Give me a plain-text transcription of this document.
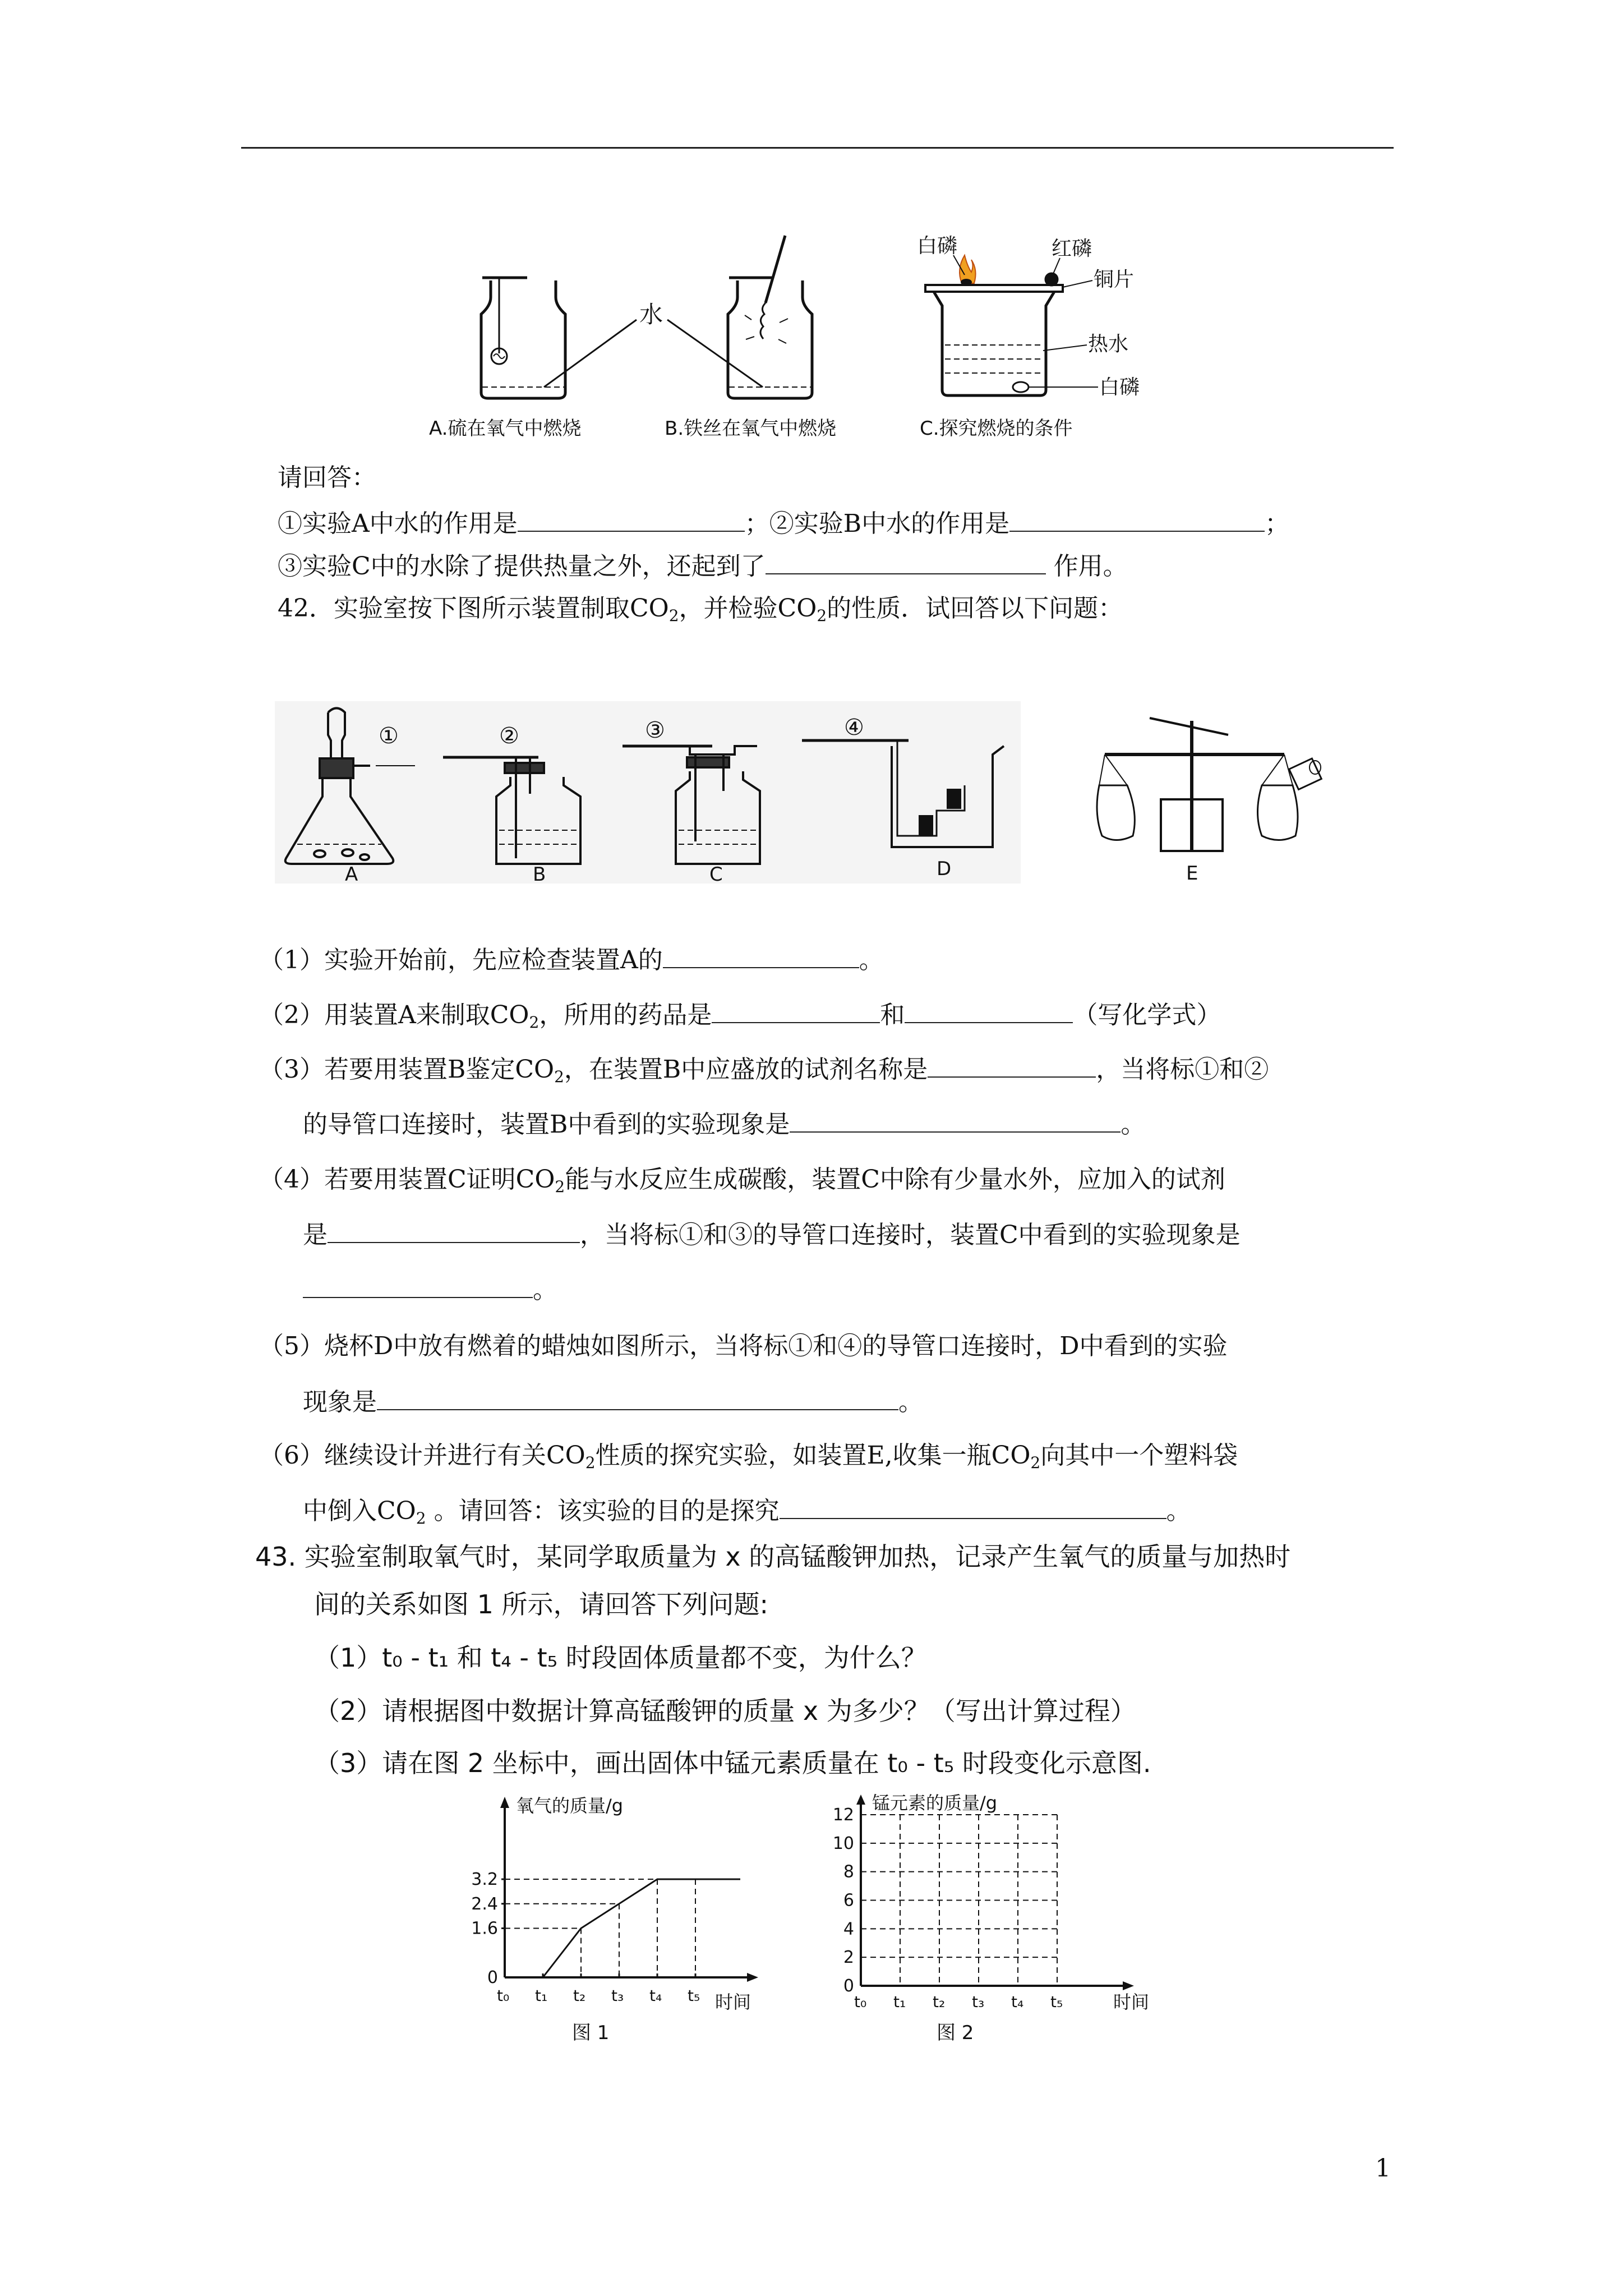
水
白磷	红磷
铜片
热水
白磷
A.硫在氧气中燃烧	B.铁丝在氧气中燃烧	C.探究燃烧的条件
请回答：
①实验A中水的作用是	；②实验B中水的作用是	；
③实验C中的水除了提供热量之外，还起到了	作用。
42．实验室按下图所示装置制取$CO_2$，并检验$CO_2$的性质．试回答以下问题：
①	②	③	④
A	B	C	D	E
（1）实验开始前，先应检查装置A的	。
（2）用装置A来制取$CO_2$，所用的药品是	和	（写化学式）
（3）若要用装置B鉴定$CO_2$，在装置B中应盛放的试剂名称是	，当将标①和②
的导管口连接时，装置B中看到的实验现象是	。
（4）若要用装置C证明$CO_2$能与水反应生成碳酸，装置C中除有少量水外，应加入的试剂
是	，当将标①和③的导管口连接时，装置C中看到的实验现象是
。
（5）烧杯D中放有燃着的蜡烛如图所示，当将标①和④的导管口连接时，D中看到的实验
现象是	。
（6）继续设计并进行有关$CO_2$性质的探究实验，如装置E,收集一瓶$CO_2$向其中一个塑料袋
中倒入$CO_2$ 。请回答：该实验的目的是探究	。
43. 实验室制取氧气时，某同学取质量为 x 的高锰酸钾加热，记录产生氧气的质量与加热时
间的关系如图 1 所示，请回答下列问题:
（1）t₀ - t₁ 和 t₄ - t₅ 时段固体质量都不变，为什么？
（2）请根据图中数据计算高锰酸钾的质量 x 为多少？（写出计算过程）
（3）请在图 2 坐标中，画出固体中锰元素质量在 t₀ - t₅ 时段变化示意图.
氧气的质量/g
时间
0
1.6
2.4
3.2
t₀ t₁ t₂ t₃ t₄ t₅
图 1
锰元素的质量/g
时间
0
2
4
6
8
10
12
t₀ t₁ t₂ t₃ t₄ t₅
图 2
1
